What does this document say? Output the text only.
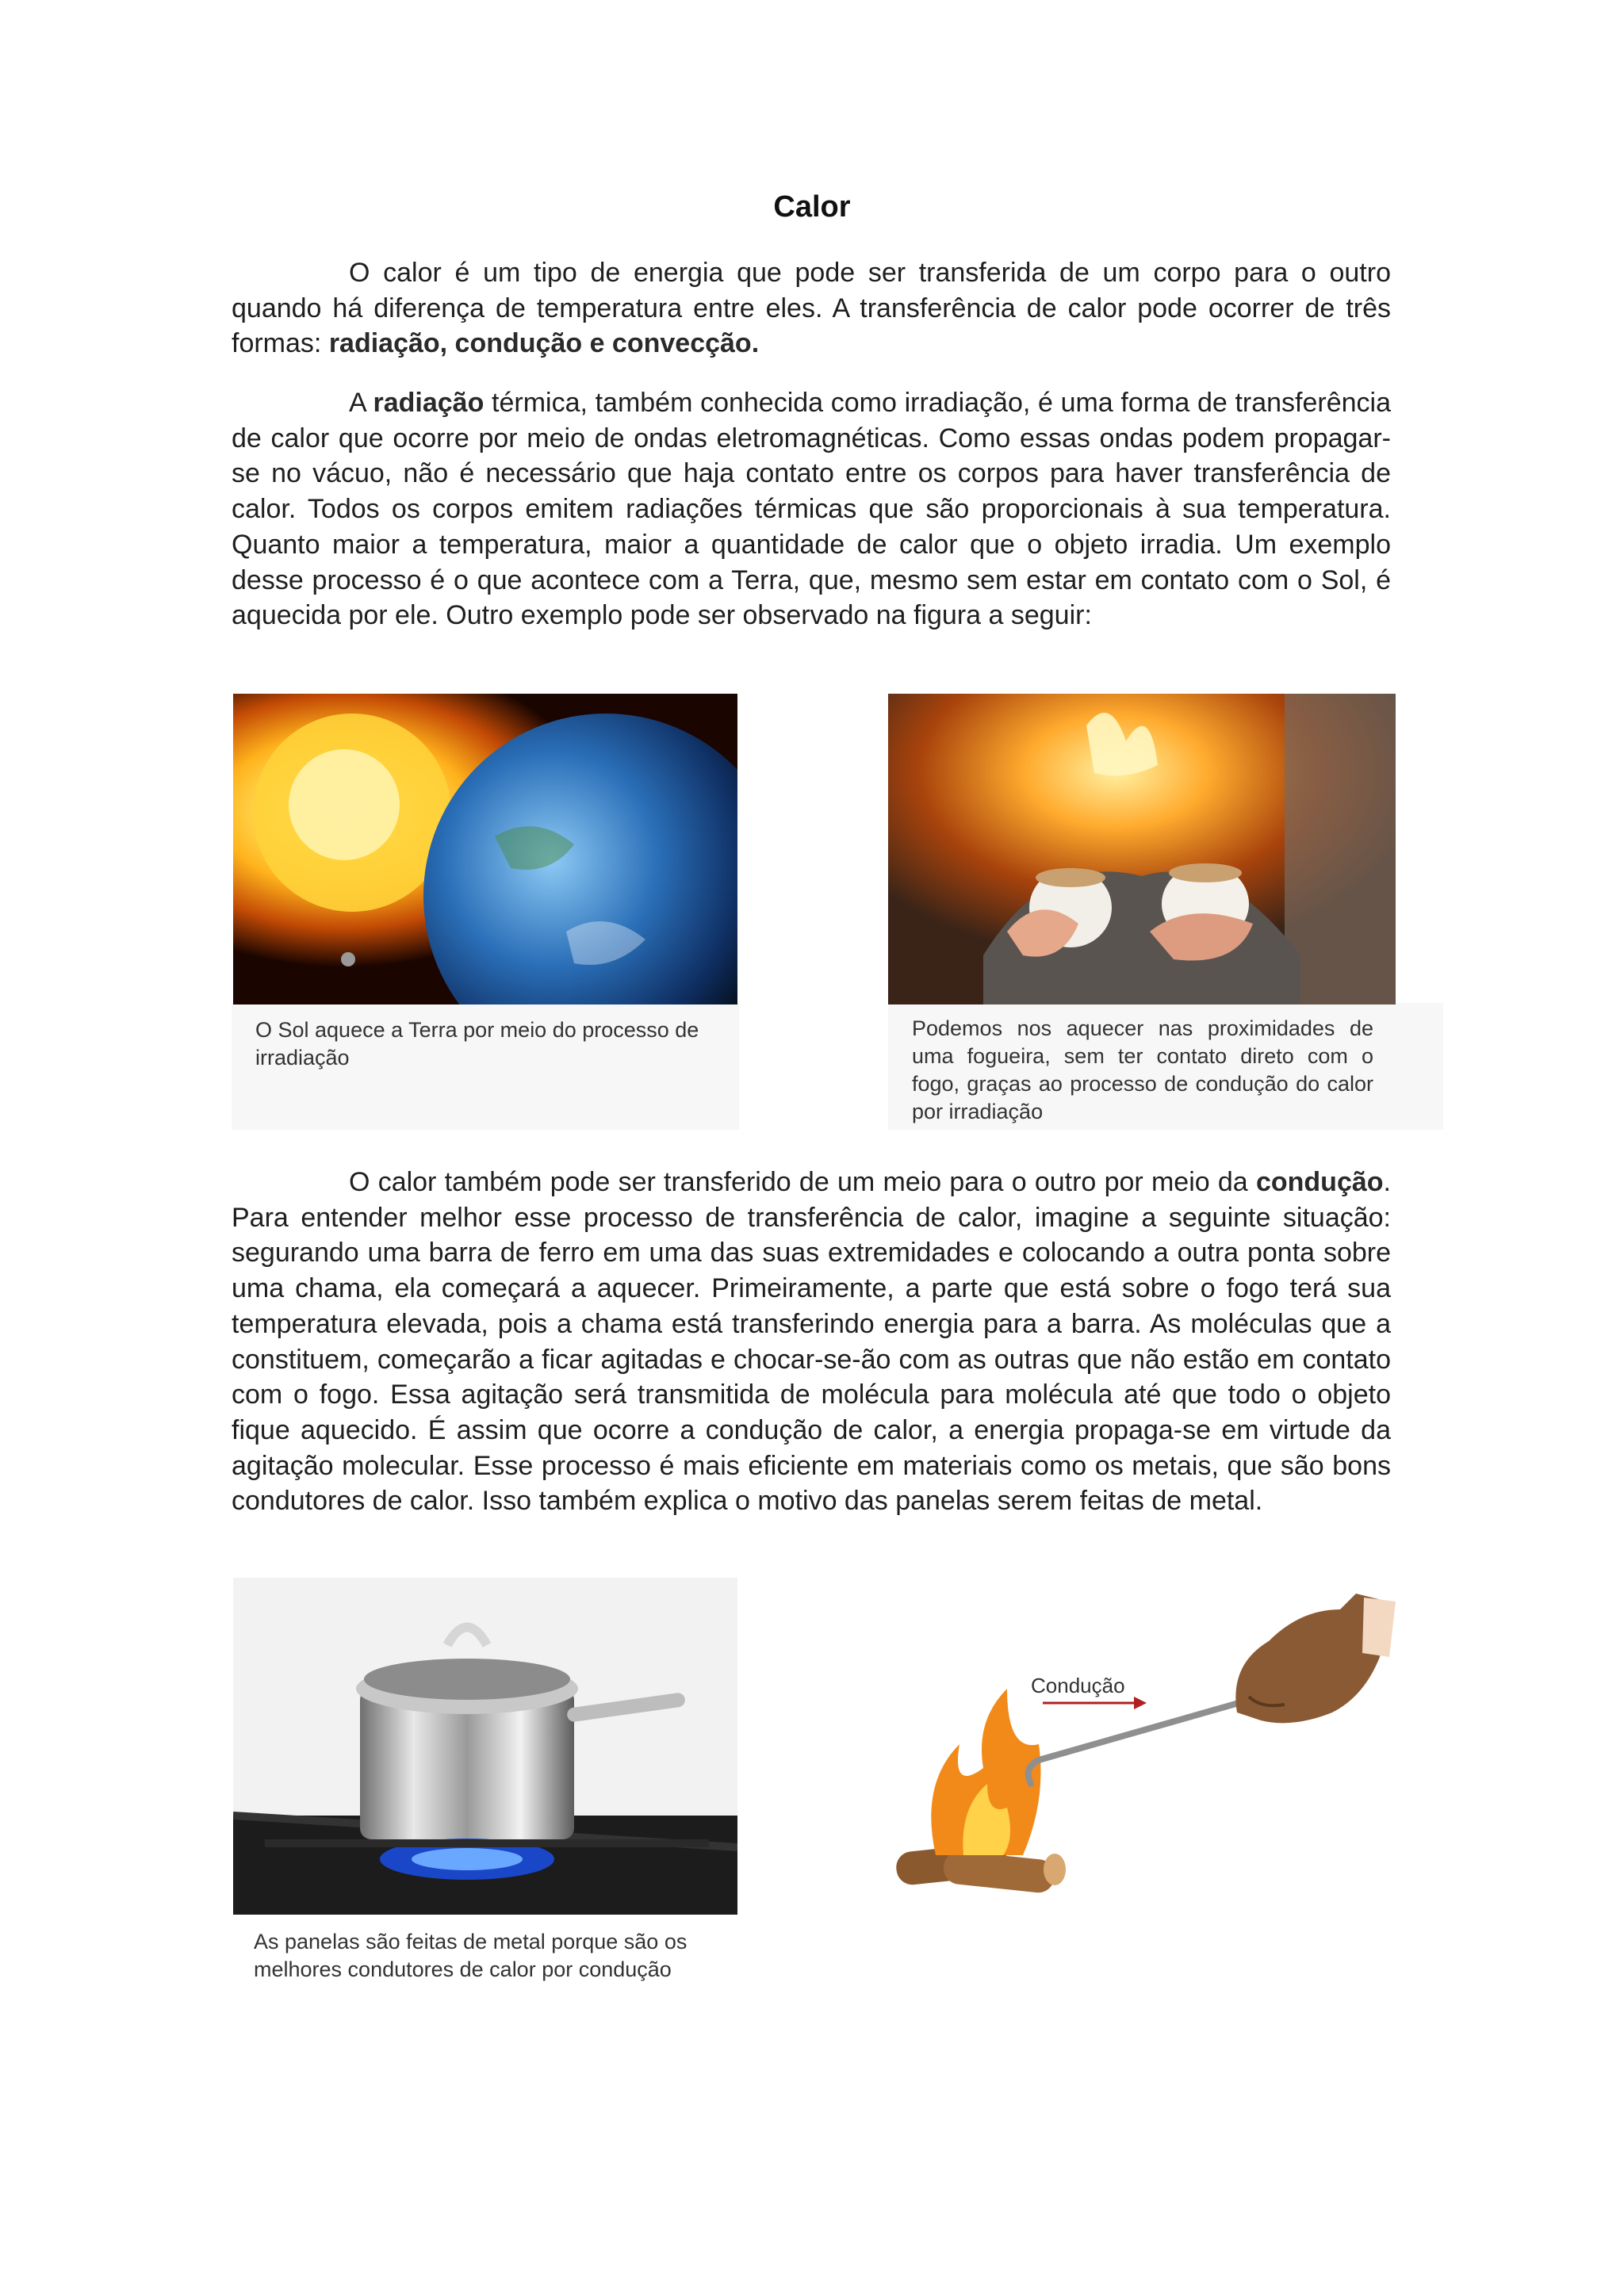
Calor

O calor é um tipo de energia que pode ser transferida de um corpo para o outro quando há diferença de temperatura entre eles. A transferência de calor pode ocorrer de três formas: radiação, condução e convecção.

A radiação térmica, também conhecida como irradiação, é uma forma de transferência de calor que ocorre por meio de ondas eletromagnéticas. Como essas ondas podem propagar-se no vácuo, não é necessário que haja contato entre os corpos para haver transferência de calor. Todos os corpos emitem radiações térmicas que são proporcionais à sua temperatura. Quanto maior a temperatura, maior a quantidade de calor que o objeto irradia. Um exemplo desse processo é o que acontece com a Terra, que, mesmo sem estar em contato com o Sol, é aquecida por ele. Outro exemplo pode ser observado na figura a seguir:

O Sol aquece a Terra por meio do processo de irradiação

Podemos nos aquecer nas proximidades de uma fogueira, sem ter contato direto com o fogo, graças ao processo de condução do calor por irradiação

O calor também pode ser transferido de um meio para o outro por meio da condução. Para entender melhor esse processo de transferência de calor, imagine a seguinte situação: segurando uma barra de ferro em uma das suas extremidades e colocando a outra ponta sobre uma chama, ela começará a aquecer. Primeiramente, a parte que está sobre o fogo terá sua temperatura elevada, pois a chama está transferindo energia para a barra. As moléculas que a constituem, começarão a ficar agitadas e chocar-se-ão com as outras que não estão em contato com o fogo. Essa agitação será transmitida de molécula para molécula até que todo o objeto fique aquecido. É assim que ocorre a condução de calor, a energia propaga-se em virtude da agitação molecular. Esse processo é mais eficiente em materiais como os metais, que são bons condutores de calor. Isso também explica o motivo das panelas serem feitas de metal.

As panelas são feitas de metal porque são os melhores condutores de calor por condução

Condução
